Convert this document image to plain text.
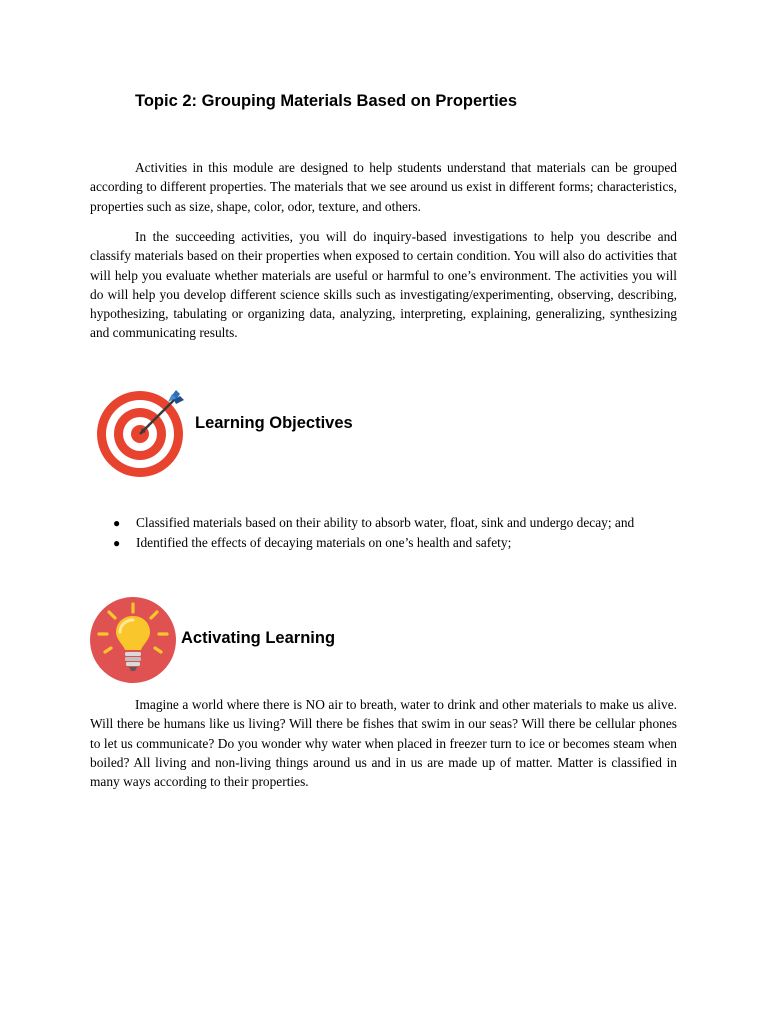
Topic 2: Grouping Materials Based on Properties

Activities in this module are designed to help students understand that materials can be grouped according to different properties. The materials that we see around us exist in different forms; characteristics, properties such as size, shape, color, odor, texture, and others.

In the succeeding activities, you will do inquiry-based investigations to help you describe and classify materials based on their properties when exposed to certain condition. You will also do activities that will help you evaluate whether materials are useful or harmful to one’s environment. The activities you will do will help you develop different science skills such as investigating/experimenting, observing, describing, hypothesizing, tabulating or organizing data, analyzing, interpreting, explaining, generalizing, synthesizing and communicating results.

Learning Objectives
● Classified materials based on their ability to absorb water, float, sink and undergo decay; and
● Identified the effects of decaying materials on one’s health and safety;
Activating Learning

Imagine a world where there is NO air to breath, water to drink and other materials to make us alive. Will there be humans like us living? Will there be fishes that swim in our seas? Will there be cellular phones to let us communicate? Do you wonder why water when placed in freezer turn to ice or becomes steam when boiled? All living and non-living things around us and in us are made up of matter. Matter is classified in many ways according to their properties.
